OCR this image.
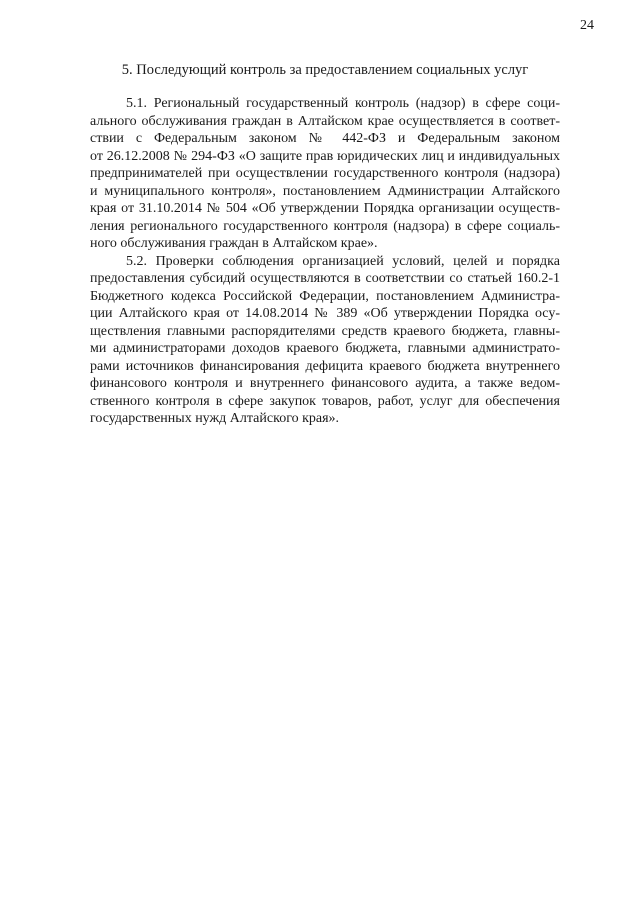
24
5. Последующий контроль за предоставлением социальных услуг

5.1. Региональный государственный контроль (надзор) в сфере соци-
ального обслуживания граждан в Алтайском крае осуществляется в соответ-
ствии с Федеральным законом № 442-ФЗ и Федеральным законом
от 26.12.2008 № 294-ФЗ «О защите прав юридических лиц и индивидуальных
предпринимателей при осуществлении государственного контроля (надзора)
и муниципального контроля», постановлением Администрации Алтайского
края от 31.10.2014 № 504 «Об утверждении Порядка организации осуществ-
ления регионального государственного контроля (надзора) в сфере социаль-
ного обслуживания граждан в Алтайском крае».

5.2. Проверки соблюдения организацией условий, целей и порядка
предоставления субсидий осуществляются в соответствии со статьей 160.2-1
Бюджетного кодекса Российской Федерации, постановлением Администра-
ции Алтайского края от 14.08.2014 № 389 «Об утверждении Порядка осу-
ществления главными распорядителями средств краевого бюджета, главны-
ми администраторами доходов краевого бюджета, главными администрато-
рами источников финансирования дефицита краевого бюджета внутреннего
финансового контроля и внутреннего финансового аудита, а также ведом-
ственного контроля в сфере закупок товаров, работ, услуг для обеспечения
государственных нужд Алтайского края».
